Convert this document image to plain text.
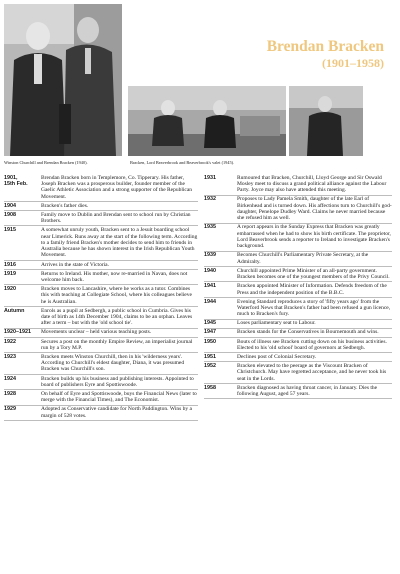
Winston Churchill and Brendan Bracken (1940).	Bracken, Lord Beaverbrook and Beaverbrook's valet (1945).
Brendan Bracken
(1901–1958)
1901,
15th Feb.
Brendan Bracken born in Templemore, Co. Tipperary. His father, Joseph Bracken was a prosperous builder, founder member of the Gaelic Athletic Association and a strong supporter of the Republican Movement.
1904	Bracken's father dies.
1908	Family move to Dublin and Brendan sent to school run by Christian Brothers.
1915	A somewhat unruly youth, Bracken sent to a Jesuit boarding school near Limerick. Runs away at the start of the following term. According to a family friend Bracken's mother decides to send him to friends in Australia because he has shown interest in the Irish Republican Youth Movement.
1916	Arrives in the state of Victoria.
1919	Returns to Ireland. His mother, now re-married in Navan, does not welcome him back.
1920	Bracken moves to Lancashire, where he works as a tutor. Combines this with teaching at Collegiate School, where his colleagues believe he is Australian.
Autumn	Enrols as a pupil at Sedbergh, a public school in Cumbria. Gives his date of birth as 14th December 1904, claims to be an orphan. Leaves after a term – but with the 'old school tie'.
1920–1921	Movements unclear – held various teaching posts.
1922	Secures a post on the monthly Empire Review, an imperialist journal run by a Tory M.P.
1923	Bracken meets Winston Churchill, then in his 'wilderness years'. According to Churchill's eldest daughter, Diana, it was presumed Bracken was Churchill's son.
1924	Bracken builds up his business and publishing interests. Appointed to board of publishers Eyre and Spottiswoode.
1928	On behalf of Eyre and Spottiswoode, buys the Financial News (later to merge with the Financial Times), and The Economist.
1929	Adopted as Conservative candidate for North Paddington. Wins by a margin of 528 votes.
1931	Rumoured that Bracken, Churchill, Lloyd George and Sir Oswald Mosley meet to discuss a grand political alliance against the Labour Party. Joyce may also have attended this meeting.
1932	Proposes to Lady Pamela Smith, daughter of the late Earl of Birkenhead and is turned down. His affections turn to Churchill's god-daughter, Penelope Dudley Ward. Claims he never married because she refused him as well.
1935	A report appears in the Sunday Express that Bracken was greatly embarrassed when he had to show his birth certificate. The proprietor, Lord Beaverbrook sends a reporter to Ireland to investigate Bracken's background.
1939	Becomes Churchill's Parliamentary Private Secretary, at the Admiralty.
1940	Churchill appointed Prime Minister of an all-party government. Bracken becomes one of the youngest members of the Privy Council.
1941	Bracken appointed Minister of Information. Defends freedom of the Press and the independent position of the B.B.C.
1944	Evening Standard reproduces a story of 'fifty years ago' from the Waterford News that Bracken's father had been refused a gun licence, much to Bracken's fury.
1945	Loses parliamentary seat to Labour.
1947	Bracken stands for the Conservatives in Bournemouth and wins.
1950	Bouts of illness see Bracken cutting down on his business activities. Elected to his 'old school' board of governors at Sedbergh.
1951	Declines post of Colonial Secretary.
1952	Bracken elevated to the peerage as the Viscount Bracken of Christchurch. May have regretted acceptance, and he never took his seat in the Lords.
1958	Bracken diagnosed as having throat cancer, in January. Dies the following August, aged 57 years.
